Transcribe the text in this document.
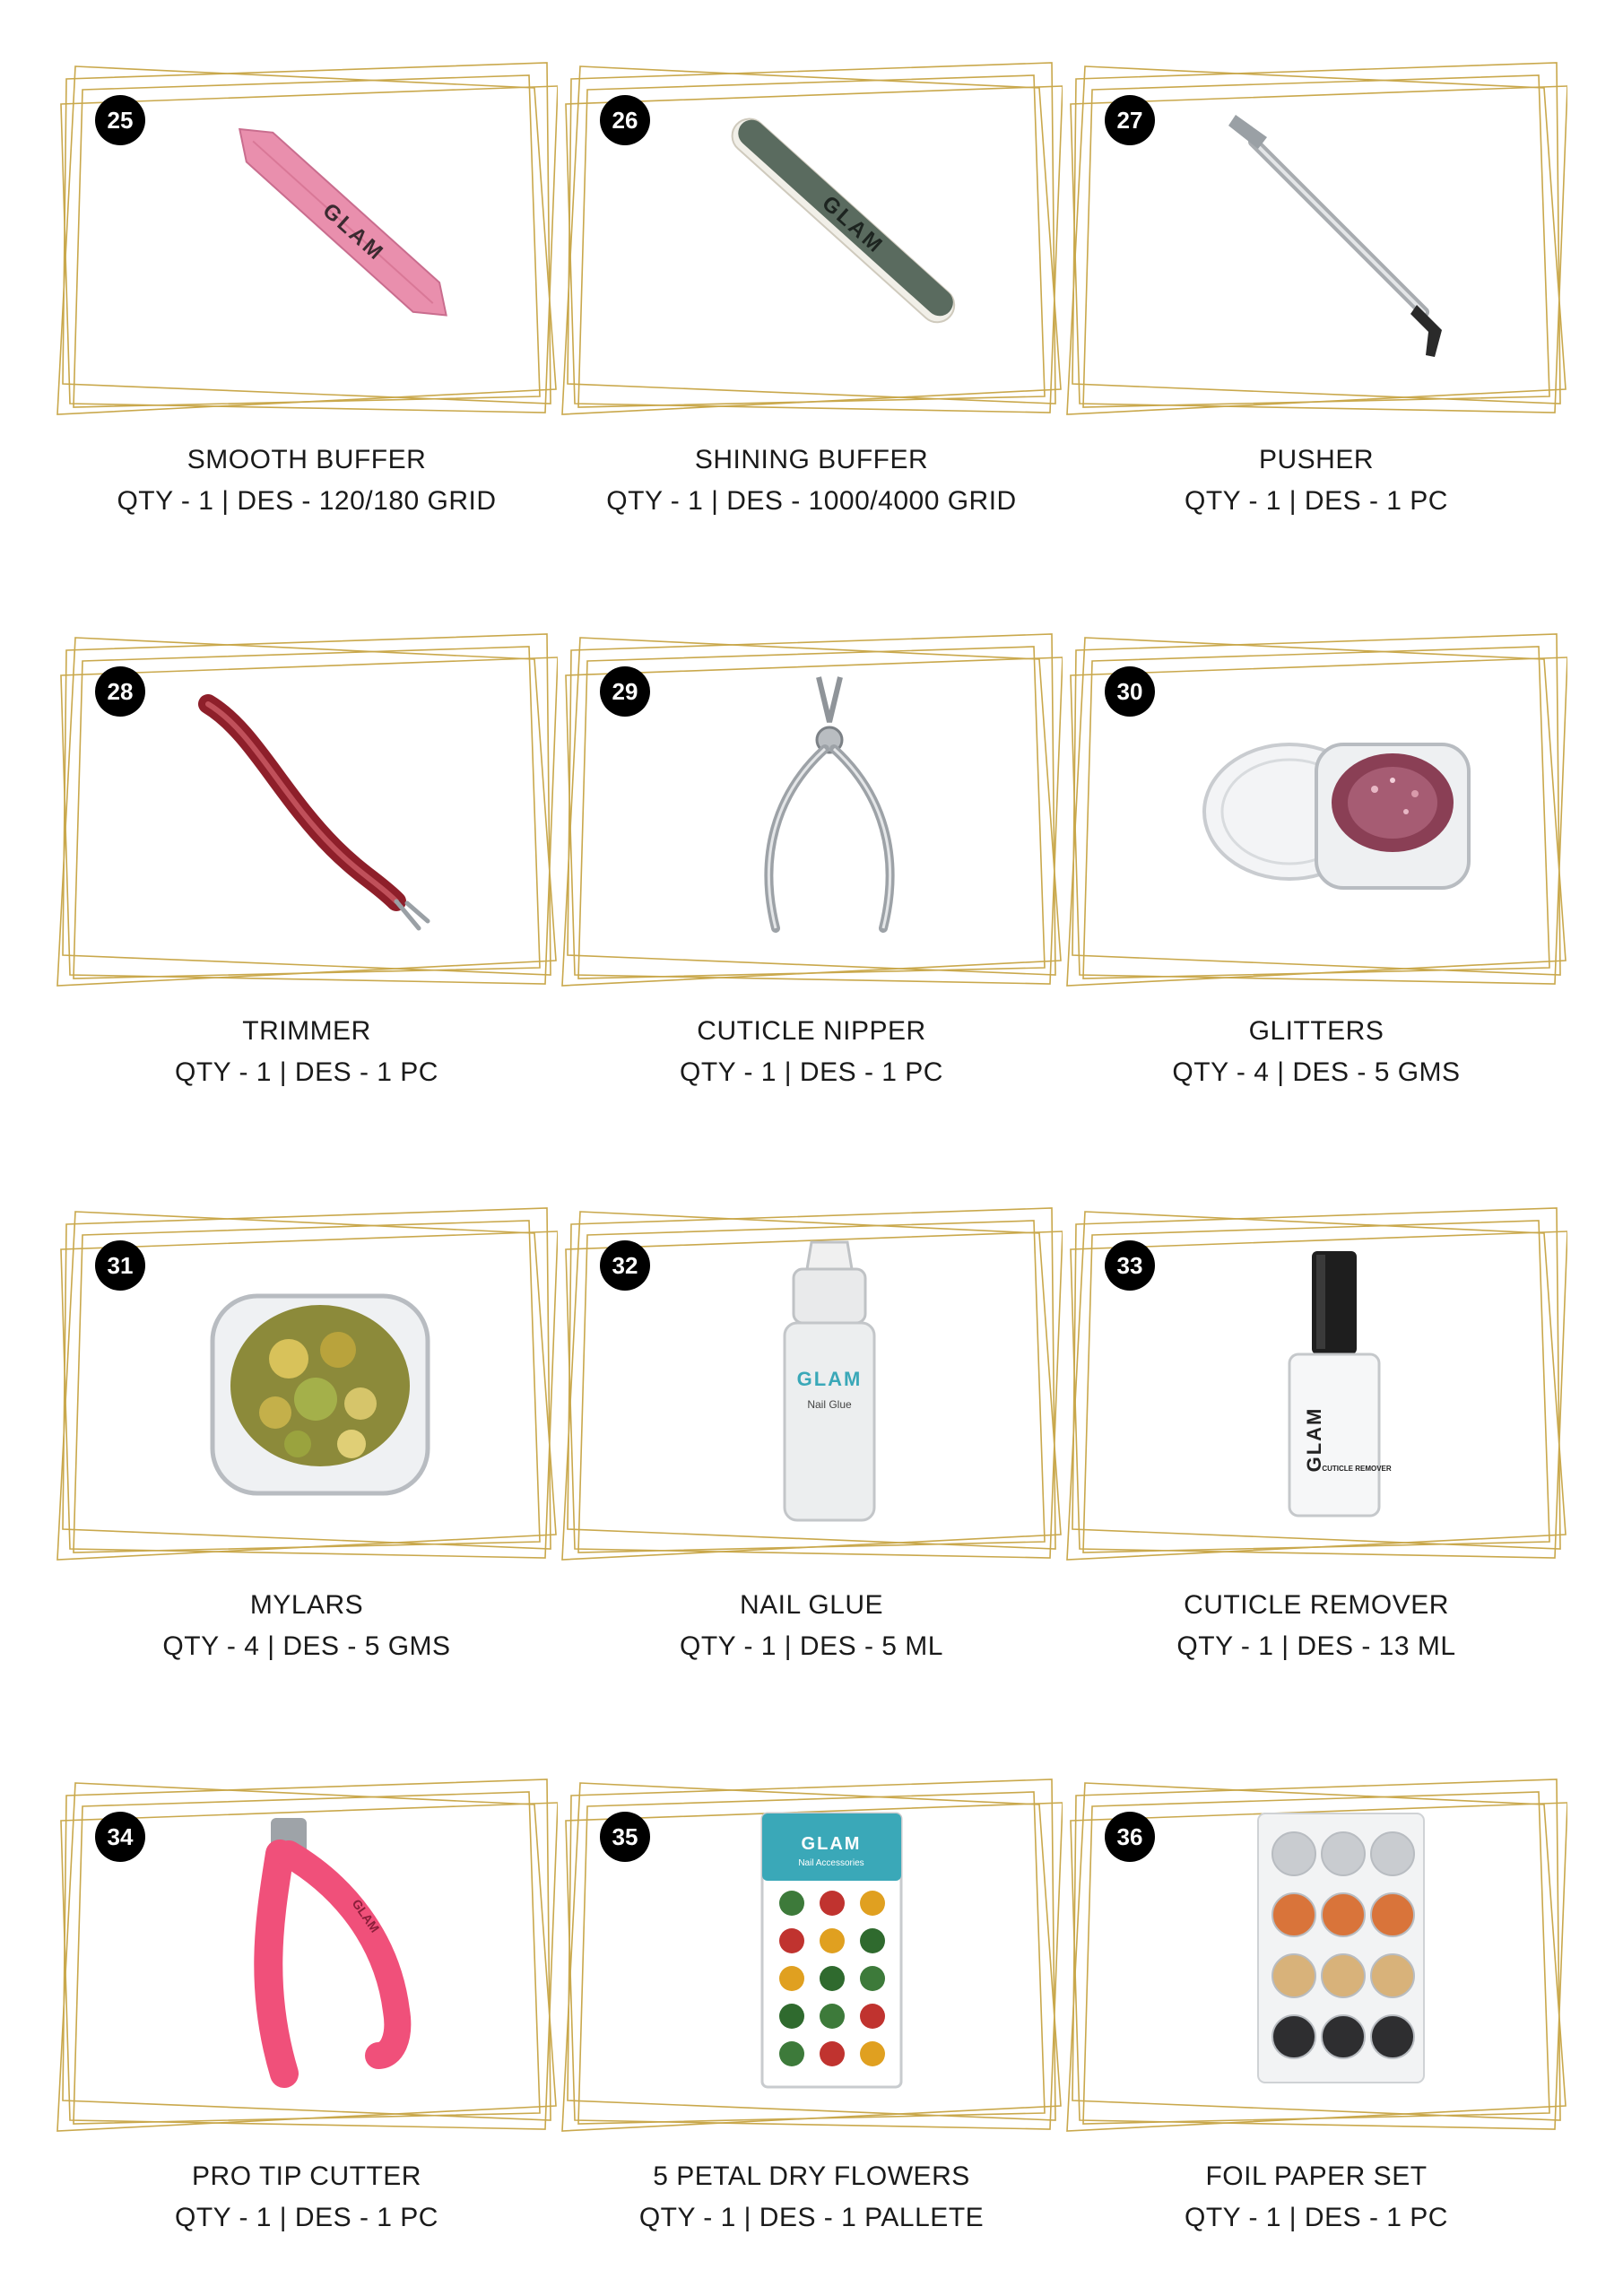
25
GLAM
SMOOTH BUFFER
QTY - 1 | DES - 120/180 GRID
26
GLAM
SHINING BUFFER
QTY - 1 | DES - 1000/4000 GRID
27
PUSHER
QTY - 1 | DES - 1 PC
28
TRIMMER
QTY - 1 | DES - 1 PC
29
CUTICLE NIPPER
QTY - 1 | DES - 1 PC
30
GLITTERS
QTY - 4 | DES - 5 GMS
31
MYLARS
QTY - 4 | DES - 5 GMS
32
GLAM
Nail Glue
NAIL GLUE
QTY - 1 | DES - 5 ML
33
GLAM
CUTICLE REMOVER
CUTICLE REMOVER
QTY - 1 | DES - 13 ML
34
GLAM
PRO TIP CUTTER
QTY - 1 | DES - 1 PC
35	GLAM
Nail Accessories
5 PETAL DRY FLOWERS
QTY - 1 | DES - 1 PALLETE
36
FOIL PAPER SET
QTY - 1 | DES - 1 PC
